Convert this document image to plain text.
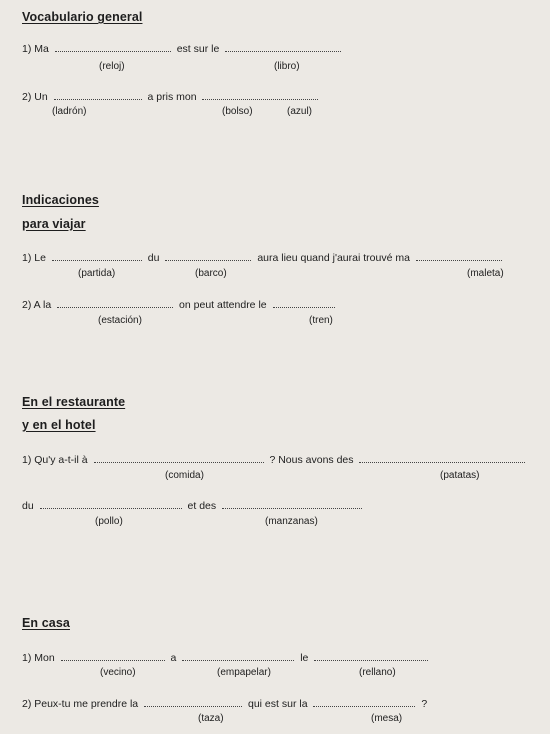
Vocabulario general
1) Ma	est sur le
(reloj)	(libro)
2) Un	a pris mon
(ladrón)	(bolso)	(azul)
Indicaciones
para viajar
1) Le	du	aura lieu quand j'aurai trouvé ma
(partida)	(barco)	(maleta)
2) A la	on peut attendre le
(estación)	(tren)
En el restaurante
y en el hotel
1) Qu'y a-t-il à	? Nous avons des
(comida)	(patatas)
du	et des
(pollo)	(manzanas)
En casa
1) Mon	a	le
(vecino)	(empapelar)	(rellano)
2) Peux-tu me prendre la	qui est sur la	?
(taza)	(mesa)
